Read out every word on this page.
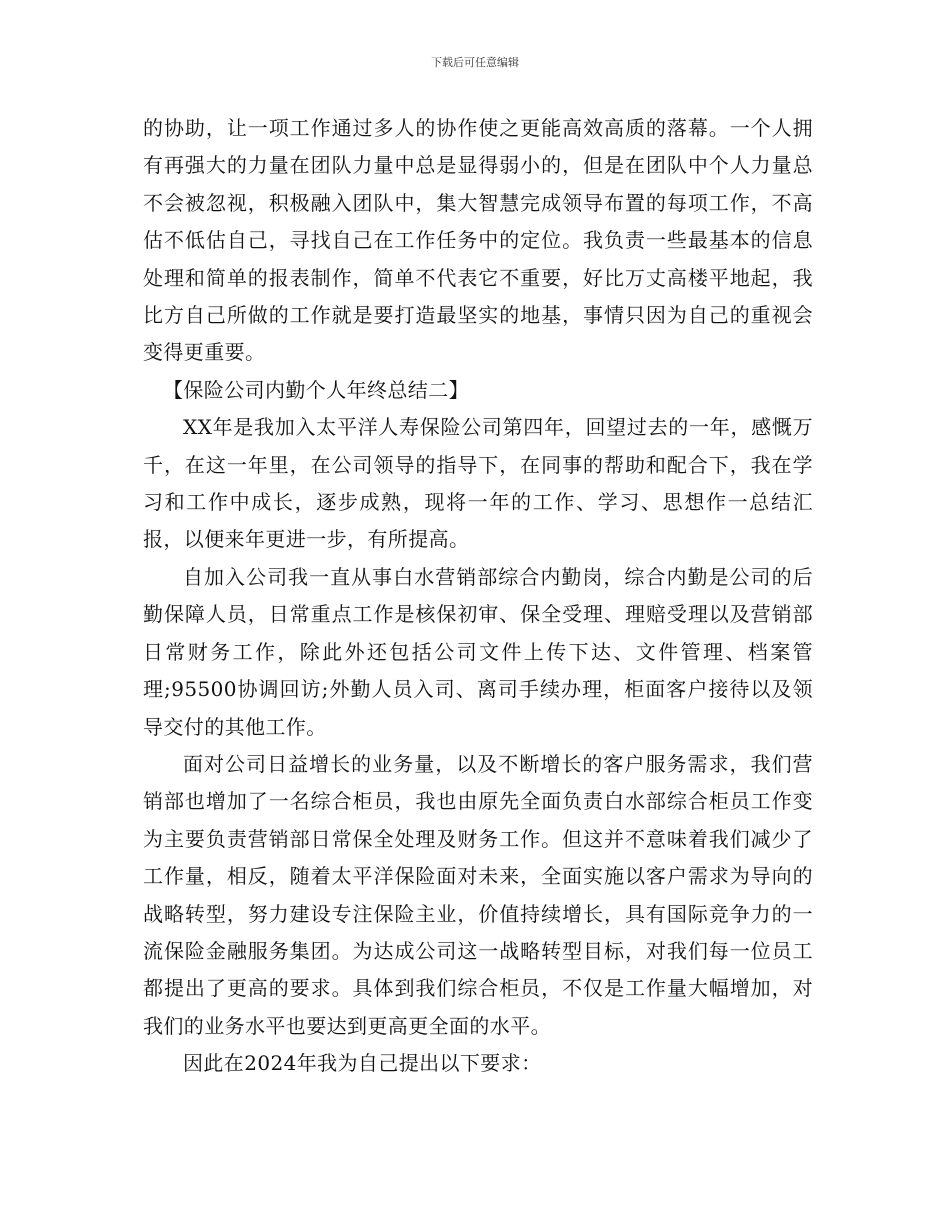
下载后可任意编辑

的协助，让一项工作通过多人的协作使之更能高效高质的落幕。一个人拥有再强大的力量在团队力量中总是显得弱小的，但是在团队中个人力量总不会被忽视，积极融入团队中，集大智慧完成领导布置的每项工作，不高估不低估自己，寻找自己在工作任务中的定位。我负责一些最基本的信息处理和简单的报表制作，简单不代表它不重要，好比万丈高楼平地起，我比方自己所做的工作就是要打造最坚实的地基，事情只因为自己的重视会变得更重要。

【保险公司内勤个人年终总结二】

XX年是我加入太平洋人寿保险公司第四年，回望过去的一年，感慨万千，在这一年里，在公司领导的指导下，在同事的帮助和配合下，我在学习和工作中成长，逐步成熟，现将一年的工作、学习、思想作一总结汇报，以便来年更进一步，有所提高。

自加入公司我一直从事白水营销部综合内勤岗，综合内勤是公司的后勤保障人员，日常重点工作是核保初审、保全受理、理赔受理以及营销部日常财务工作，除此外还包括公司文件上传下达、文件管理、档案管理;95500协调回访;外勤人员入司、离司手续办理，柜面客户接待以及领导交付的其他工作。

面对公司日益增长的业务量，以及不断增长的客户服务需求，我们营销部也增加了一名综合柜员，我也由原先全面负责白水部综合柜员工作变为主要负责营销部日常保全处理及财务工作。但这并不意味着我们减少了工作量，相反，随着太平洋保险面对未来，全面实施以客户需求为导向的战略转型，努力建设专注保险主业，价值持续增长，具有国际竞争力的一流保险金融服务集团。为达成公司这一战略转型目标，对我们每一位员工都提出了更高的要求。具体到我们综合柜员，不仅是工作量大幅增加，对我们的业务水平也要达到更高更全面的水平。

因此在2024年我为自己提出以下要求：
